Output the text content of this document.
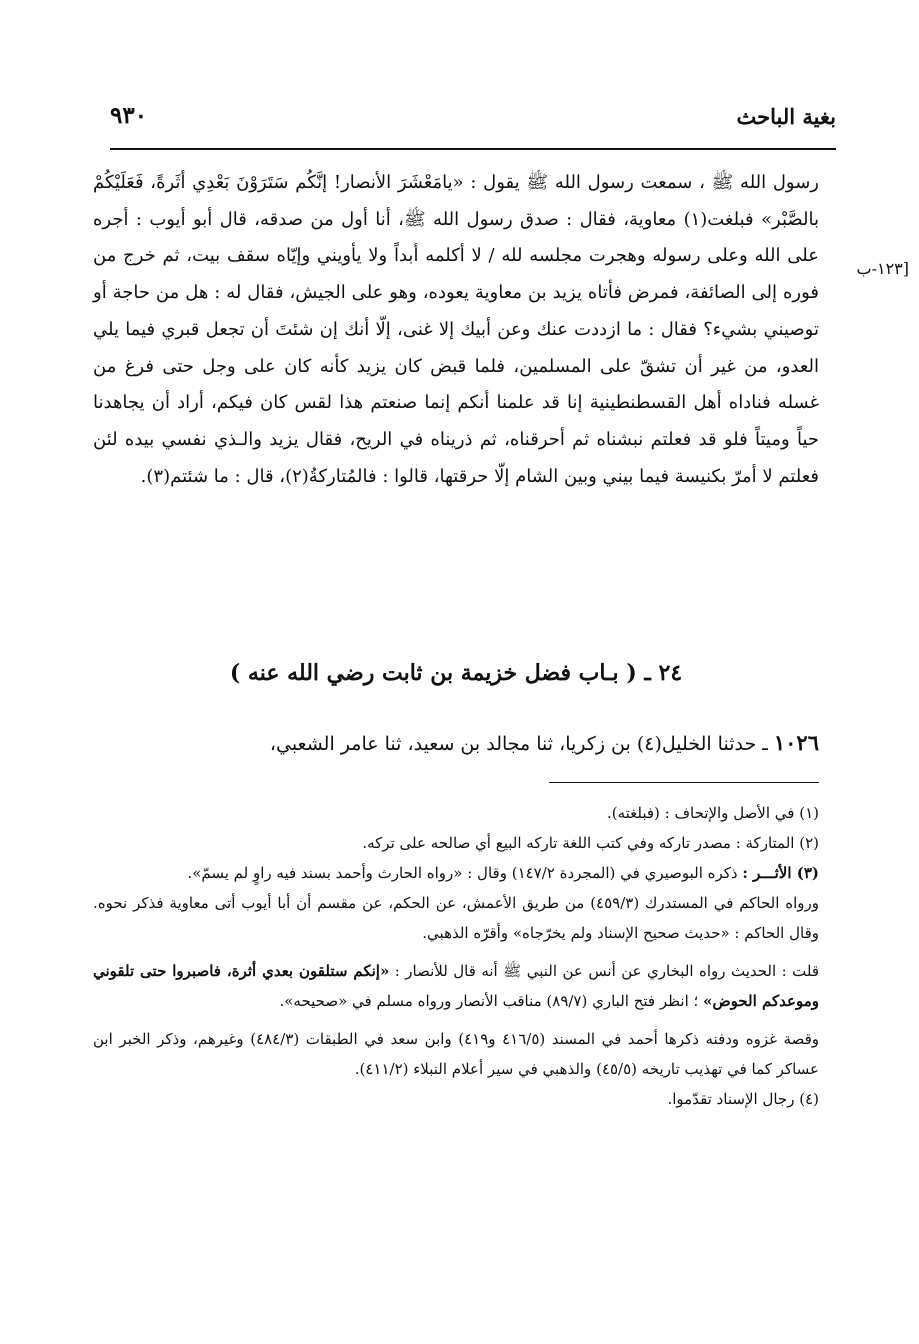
بغية الباحث
٩٣٠
[١٢٣-ب

رسول الله ﷺ ، سمعت رسول الله ﷺ يقول : «يامَعْشَرَ الأنصار! إنَّكُم سَتَرَوْنَ بَعْدِي أثَرةً، فَعَلَيْكُمْ بالصَّبْر» فبلغت(١) معاوية، فقال : صدق رسول الله ﷺ، أنا أول من صدقه، قال أبو أيوب : أجره على الله وعلى رسوله وهجرت مجلسه لله / لا أكلمه أبداً ولا يأويني وإيّاه سقف بيت، ثم خرج من فوره إلى الصائفة، فمرض فأتاه يزيد بن معاوية يعوده، وهو على الجيش، فقال له : هل من حاجة أو توصيني بشيء؟ فقال : ما ازددت عنك وعن أبيك إلا غنى، إلّا أنك إن شئتَ أن تجعل قبري فيما يلي العدو، من غير أن تشقّ على المسلمين، فلما قبض كان يزيد كأنه كان على وجل حتى فرغ من غسله فناداه أهل القسطنطينية إنا قد علمنا أنكم إنما صنعتم هذا لقس كان فيكم، أراد أن يجاهدنا حياً وميتاً فلو قد فعلتم نبشناه ثم أحرقناه، ثم ذريناه في الريح، فقال يزيد والـذي نفسي بيده لئن فعلتم لا أمرّ بكنيسة فيما بيني وبين الشام إلّا حرقتها، قالوا : فالمُتاركةُ(٢)، قال : ما شئتم(٣).

٢٤ ـ ( بـاب فضل خزيمة بن ثابت رضي الله عنه )
١٠٢٦ ـ حدثنا الخليل(٤) بن زكريا، ثنا مجالد بن سعيد، ثنا عامر الشعبي،

(١) في الأصل والإتحاف : (فبلغته).

(٢) المتاركة : مصدر تاركه وفي كتب اللغة تاركه البيع أي صالحه على تركه.

(٣) الأثـــر : ذكره البوصيري في (المجردة ١٤٧/٢) وقال : «رواه الحارث وأحمد بسند فيه راوٍ لم يسمّ».

ورواه الحاكم في المستدرك (٤٥٩/٣) من طريق الأعمش، عن الحكم، عن مقسم أن أبا أيوب أتى معاوية فذكر نحوه. وقال الحاكم : «حديث صحيح الإسناد ولم يخرّجاه» وأقرّه الذهبي.

قلت : الحديث رواه البخاري عن أنس عن النبي ﷺ أنه قال للأنصار : «إنكم ستلقون بعدي أثرة، فاصبروا حتى تلقوني وموعدكم الحوض» ؛ انظر فتح الباري (٨٩/٧) مناقب الأنصار ورواه مسلم في «صحيحه».

وقصة غزوه ودفنه ذكرها أحمد في المسند (٤١٦/٥ و٤١٩) وابن سعد في الطبقات (٤٨٤/٣) وغيرهم، وذكر الخبر ابن عساكر كما في تهذيب تاريخه (٤٥/٥) والذهبي في سير أعلام النبلاء (٤١١/٢).

(٤) رجال الإسناد تقدّموا.
